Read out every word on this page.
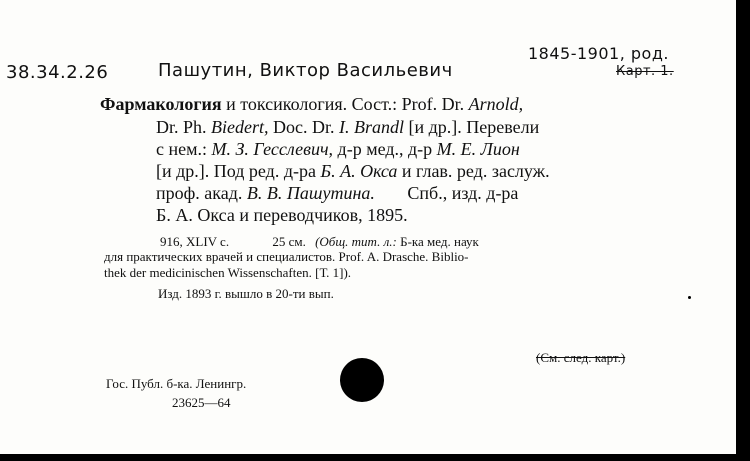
38.34.2.26	Пашутин, Виктор Васильевич
1845-1901, род.
Карт. 1.
Фармакология и токсикология. Сост.: Prof. Dr. Arnold,
Dr. Ph. Biedert, Doc. Dr. I. Brandl [и др.]. Перевели
с нем.: М. З. Гесслевич, д-р мед., д-р М. Е. Лион
[и др.]. Под ред. д-ра Б. А. Окса и глав. ред. заслуж.
проф. акад. В. В. Пашутина. Спб., изд. д-ра
Б. А. Окса и переводчиков, 1895.
916, XLIV с.	25 см. (Общ. тит. л.: Б-ка мед. наук
для практических врачей и специалистов. Prof. A. Drasche. Biblio-
thek der medicinischen Wissenschaften. [Т. 1]).
Изд. 1893 г. вышло в 20-ти вып.
(См. след. карт.)
Гос. Публ. б-ка. Ленингр.
23625—64
